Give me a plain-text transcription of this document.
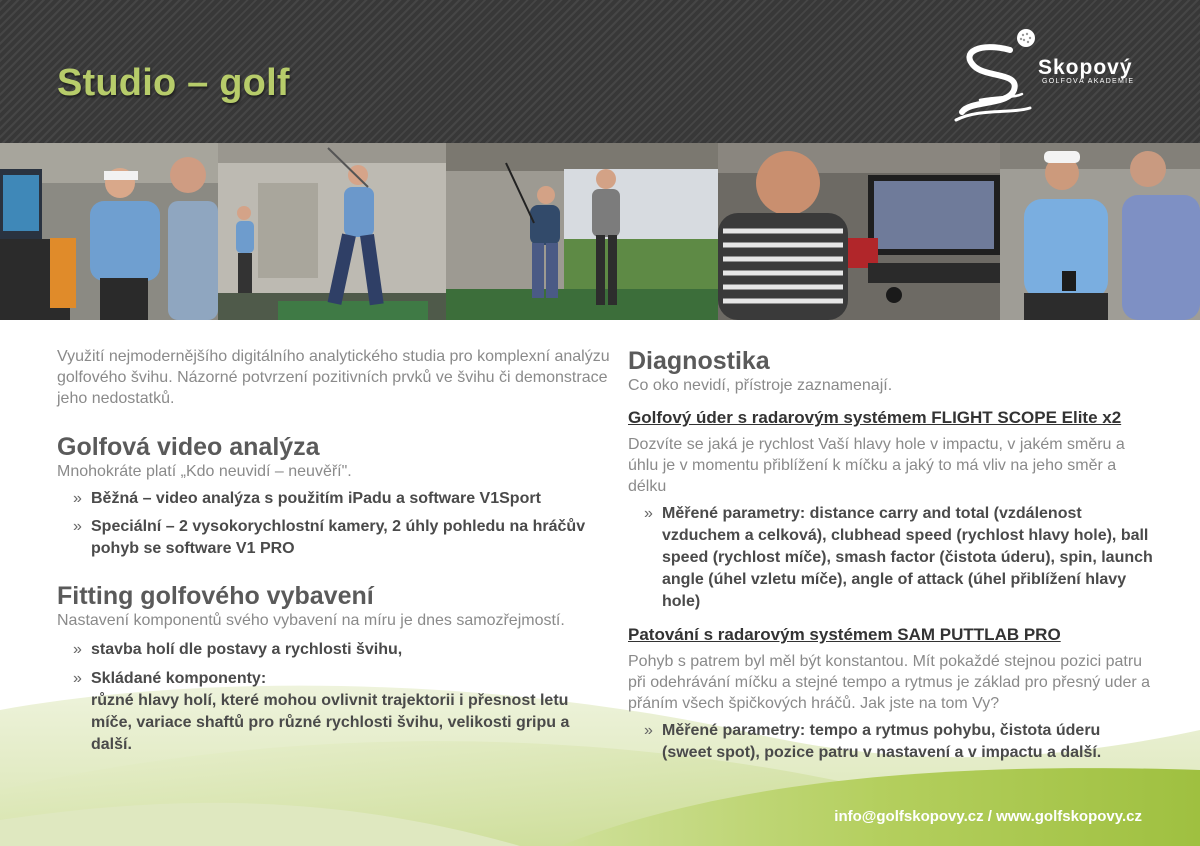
Studio – golf	Skopový
GOLFOVÁ AKADEMIE

Využití nejmodernějšího digitálního analytického studia pro komplexní analýzu golfového švihu. Názorné potvrzení pozitivních prvků ve švihu či demonstrace jeho nedostatků.

Golfová video analýza

Mnohokráte platí „Kdo neuvidí – neuvěří".

» Běžná – video analýza s použitím iPadu a software V1Sport
» Speciální – 2 vysokorychlostní kamery, 2 úhly pohledu na hráčův pohyb se software V1 PRO
Fitting golfového vybavení

Nastavení komponentů svého vybavení na míru je dnes samozřejmostí.

» stavba holí dle postavy a rychlosti švihu,
» Skládané komponenty:
různé hlavy holí, které mohou ovlivnit trajektorii i přesnost letu míče, variace shaftů pro různé rychlosti švihu, velikosti gripu a další.
Diagnostika

Co oko nevidí, přístroje zaznamenají.

Golfový úder s radarovým systémem FLIGHT SCOPE Elite x2

Dozvíte se jaká je rychlost Vaší hlavy hole v impactu, v jakém směru a úhlu je v momentu přiblížení k míčku a jaký to má vliv na jeho směr a délku

» Měřené parametry: distance carry and total (vzdálenost vzduchem a celková), clubhead speed (rychlost hlavy hole), ball speed (rychlost míče), smash factor (čistota úderu), spin, launch angle (úhel vzletu míče), angle of attack (úhel přiblížení hlavy hole)
Patování s radarovým systémem SAM PUTTLAB PRO

Pohyb s patrem byl měl být konstantou. Mít pokaždé stejnou pozici patru při odehrávání míčku a stejné tempo a rytmus je základ pro přesný uder a přáním všech špičkových hráčů. Jak jste na tom Vy?

» Měřené parametry: tempo a rytmus pohybu, čistota úderu (sweet spot), pozice patru v nastavení a v impactu a další.
info@golfskopovy.cz / www.golfskopovy.cz
